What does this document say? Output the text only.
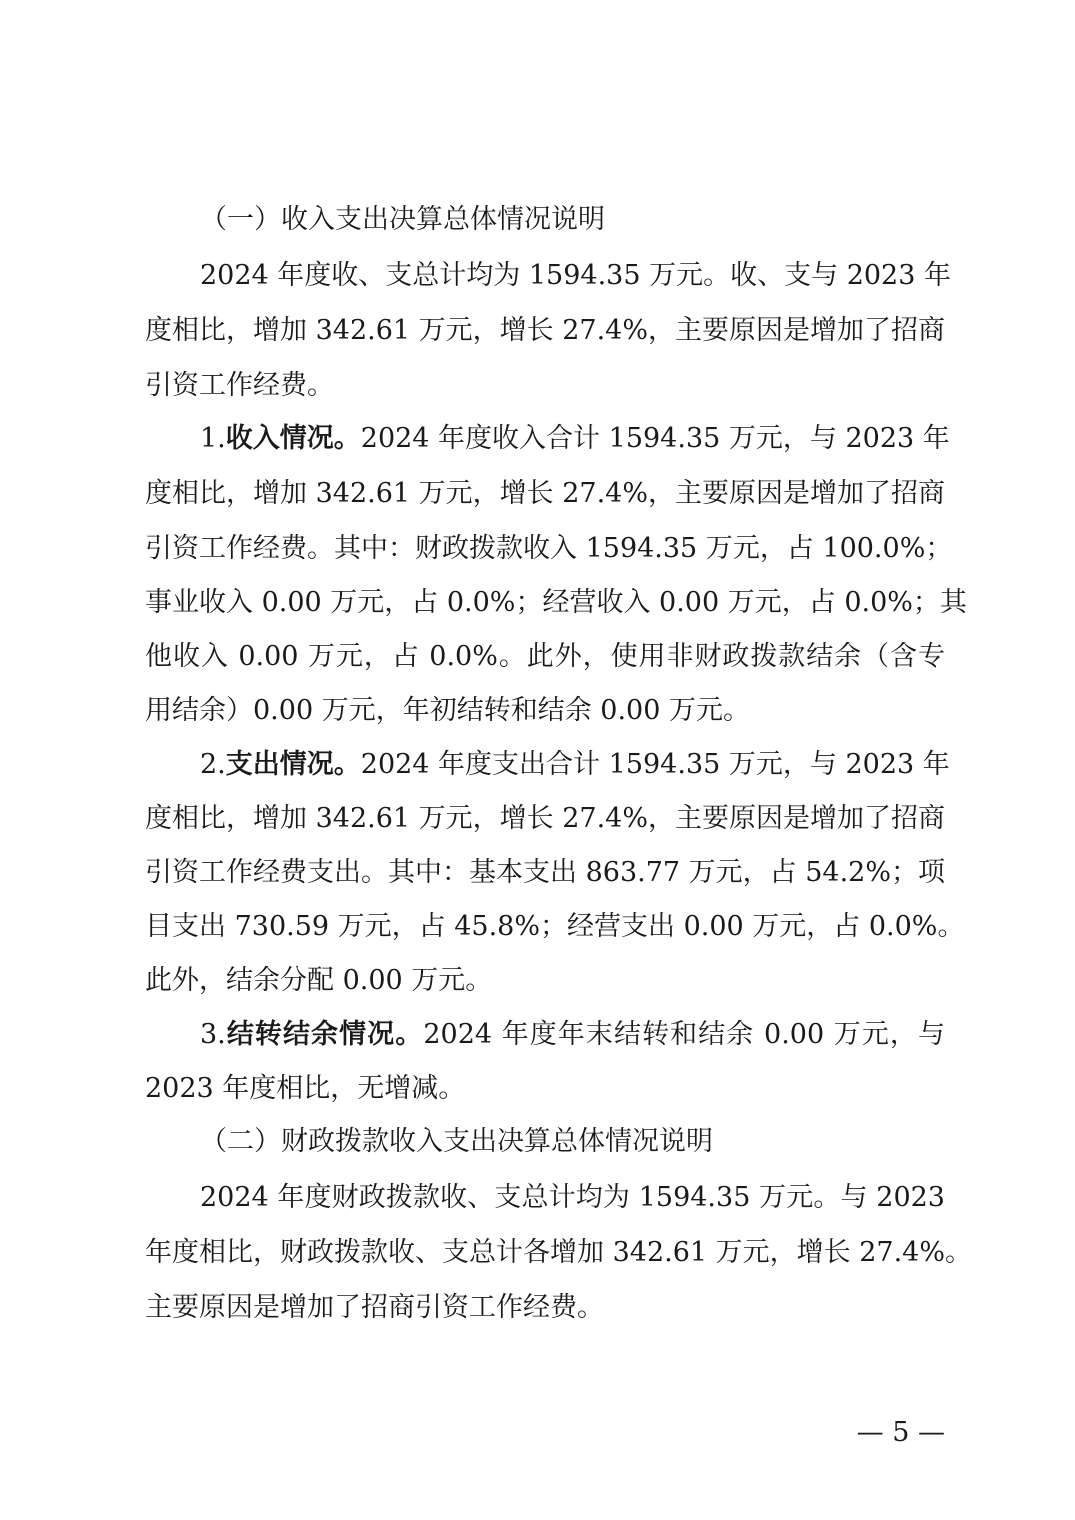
（一）收入支出决算总体情况说明
2024 年度收、支总计均为 1594.35 万元。收、支与 2023 年
度相比，增加 342.61 万元，增长 27.4%，主要原因是增加了招商
引资工作经费。
1.收入情况。2024 年度收入合计 1594.35 万元，与 2023 年
度相比，增加 342.61 万元，增长 27.4%，主要原因是增加了招商
引资工作经费。其中：财政拨款收入 1594.35 万元，占 100.0%；
事业收入 0.00 万元，占 0.0%；经营收入 0.00 万元，占 0.0%；其
他收入 0.00 万元，占 0.0%。此外，使用非财政拨款结余（含专
用结余）0.00 万元，年初结转和结余 0.00 万元。
2.支出情况。2024 年度支出合计 1594.35 万元，与 2023 年
度相比，增加 342.61 万元，增长 27.4%，主要原因是增加了招商
引资工作经费支出。其中：基本支出 863.77 万元，占 54.2%；项
目支出 730.59 万元，占 45.8%；经营支出 0.00 万元，占 0.0%。
此外，结余分配 0.00 万元。
3.结转结余情况。2024 年度年末结转和结余 0.00 万元，与
2023 年度相比，无增减。
（二）财政拨款收入支出决算总体情况说明
2024 年度财政拨款收、支总计均为 1594.35 万元。与 2023
年度相比，财政拨款收、支总计各增加 342.61 万元，增长 27.4%。
主要原因是增加了招商引资工作经费。
— 5 —
